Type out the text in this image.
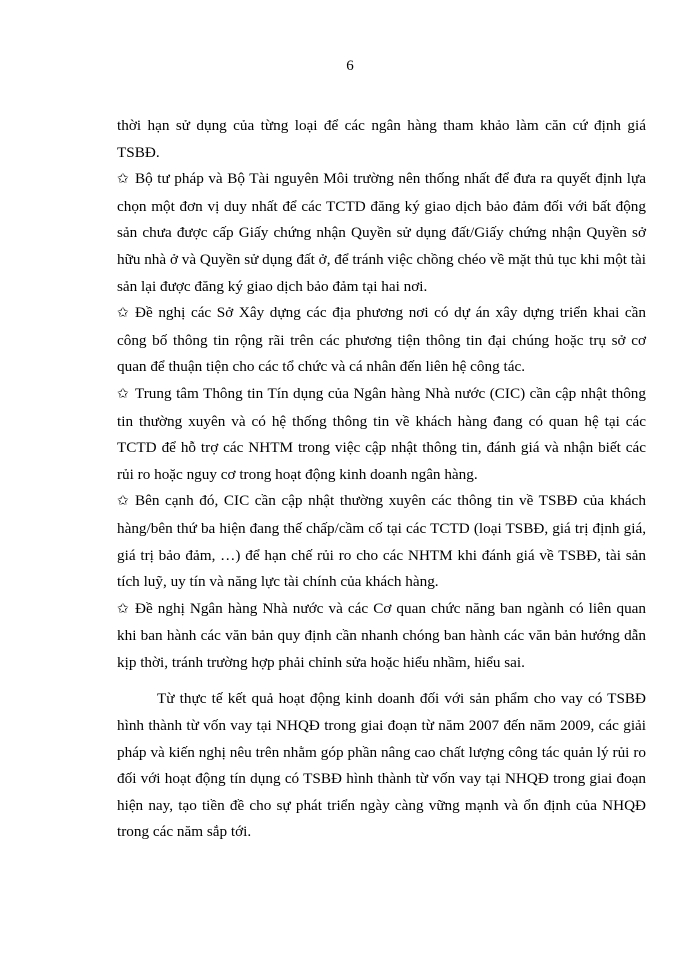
6

thời hạn sử dụng của từng loại để các ngân hàng tham khảo làm căn cứ định giá TSBĐ.

✩ Bộ tư pháp và Bộ Tài nguyên Môi trường nên thống nhất để đưa ra quyết định lựa chọn một đơn vị duy nhất để các TCTD đăng ký giao dịch bảo đảm đối với bất động sản chưa được cấp Giấy chứng nhận Quyền sử dụng đất/Giấy chứng nhận Quyền sở hữu nhà ở và Quyền sử dụng đất ở, để tránh việc chồng chéo về mặt thủ tục khi một tài sản lại được đăng ký giao dịch bảo đảm tại hai nơi.

✩ Đề nghị các Sở Xây dựng các địa phương nơi có dự án xây dựng triển khai cần công bố thông tin rộng rãi trên các phương tiện thông tin đại chúng hoặc trụ sở cơ quan để thuận tiện cho các tổ chức và cá nhân đến liên hệ công tác.

✩ Trung tâm Thông tin Tín dụng của Ngân hàng Nhà nước (CIC) cần cập nhật thông tin thường xuyên và có hệ thống thông tin về khách hàng đang có quan hệ tại các TCTD để hỗ trợ các NHTM trong việc cập nhật thông tin, đánh giá và nhận biết các rủi ro hoặc nguy cơ trong hoạt động kinh doanh ngân hàng.

✩ Bên cạnh đó, CIC cần cập nhật thường xuyên các thông tin về TSBĐ của khách hàng/bên thứ ba hiện đang thế chấp/cầm cố tại các TCTD (loại TSBĐ, giá trị định giá, giá trị bảo đảm, …) để hạn chế rủi ro cho các NHTM khi đánh giá về TSBĐ, tài sản tích luỹ, uy tín và năng lực tài chính của khách hàng.

✩ Đề nghị Ngân hàng Nhà nước và các Cơ quan chức năng ban ngành có liên quan khi ban hành các văn bản quy định cần nhanh chóng ban hành các văn bản hướng dẫn kịp thời, tránh trường hợp phải chỉnh sửa hoặc hiểu nhầm, hiểu sai.

Từ thực tế kết quả hoạt động kinh doanh đối với sản phẩm cho vay có TSBĐ hình thành từ vốn vay tại NHQĐ trong giai đoạn từ năm 2007 đến năm 2009, các giải pháp và kiến nghị nêu trên nhằm góp phần nâng cao chất lượng công tác quản lý rủi ro đối với hoạt động tín dụng có TSBĐ hình thành từ vốn vay tại NHQĐ trong giai đoạn hiện nay, tạo tiền đề cho sự phát triển ngày càng vững mạnh và ổn định của NHQĐ trong các năm sắp tới.
